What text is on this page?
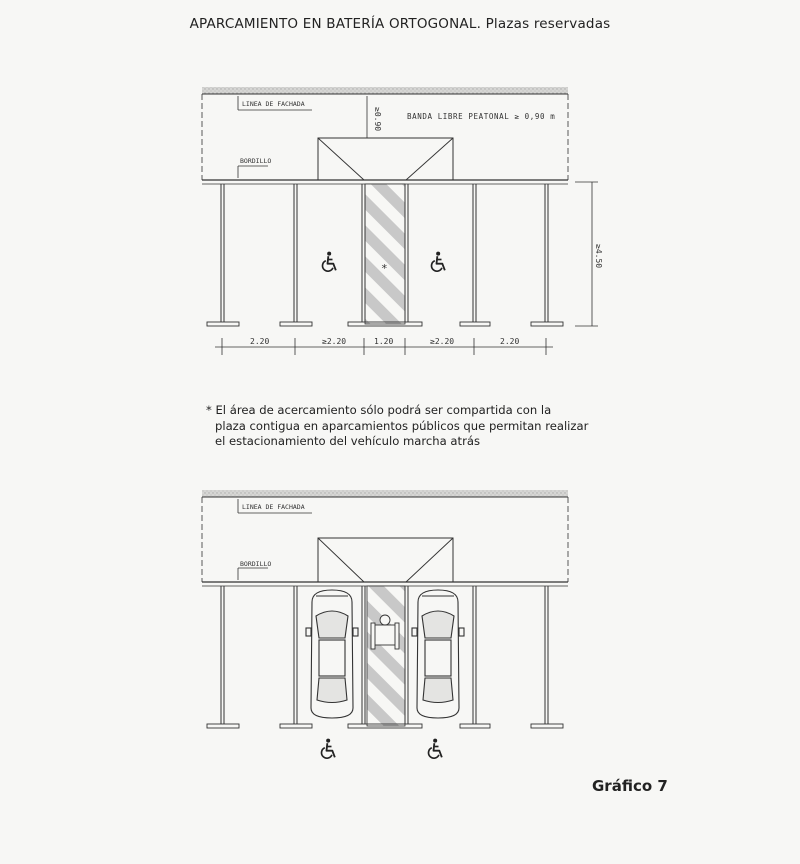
APARCAMIENTO EN BATERÍA ORTOGONAL. Plazas reservadas
LINEA DE FACHADA
≥0.90	BANDA LIBRE PEATONAL ≥ 0,90 m
BORDILLO
*
≥4.50
2.20	≥2.20	1.20	≥2.20	2.20
LINEA DE FACHADA
BORDILLO
* El área de acercamiento sólo podrá ser compartida con la
plaza contigua en aparcamientos públicos que permitan realizar
el estacionamiento del vehículo marcha atrás
Gráfico 7
